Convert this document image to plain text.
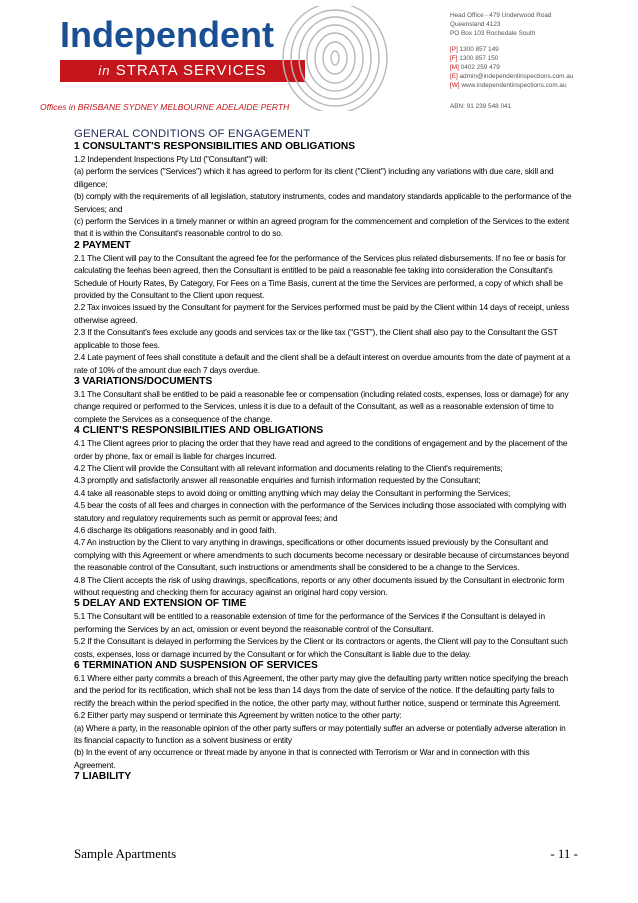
Independent
in STRATA SERVICES
Offices in BRISBANE SYDNEY MELBOURNE ADELAIDE PERTH
Head Office - 479 Underwood Road
Queensland 4123
PO Box 103 Rochedale South
[P] 1300 857 149
[F] 1300 857 150
[M] 0402 259 479
[E] admin@independentinspections.com.au
[W] www.independentinspections.com.au
ABN: 91 239 548 041
GENERAL CONDITIONS OF ENGAGEMENT
1 CONSULTANT'S RESPONSIBILITIES AND OBLIGATIONS
1.2 Independent Inspections Pty Ltd ("Consultant") will:
(a) perform the services ("Services") which it has agreed to perform for its client ("Client") including any variations with due care, skill and diligence;
(b) comply with the requirements of all legislation, statutory instruments, codes and mandatory standards applicable to the performance of the Services; and
(c) perform the Services in a timely manner or within an agreed program for the commencement and completion of the Services to the extent that it is within the Consultant's reasonable control to do so.
2 PAYMENT
2.1 The Client will pay to the Consultant the agreed fee for the performance of the Services plus related disbursements. If no fee or basis for calculating the feehas been agreed, then the Consultant is entitled to be paid a reasonable fee taking into consideration the Consultant's Schedule of Hourly Rates, By Category, For Fees on a Time Basis, current at the time the Services are performed, a copy of which shall be provided by the Consultant to the Client upon request.
2.2 Tax invoices issued by the Consultant for payment for the Services performed must be paid by the Client within 14 days of receipt, unless otherwise agreed.
2.3 If the Consultant's fees exclude any goods and services tax or the like tax ("GST"), the Client shall also pay to the Consultant the GST applicable to those fees.
2.4 Late payment of fees shall constitute a default and the client shall be a default interest on overdue amounts from the date of payment at a rate of 10% of the amount due each 7 days overdue.
3 VARIATIONS/DOCUMENTS
3.1 The Consultant shall be entitled to be paid a reasonable fee or compensation (including related costs, expenses, loss or damage) for any change required or performed to the Services, unless it is due to a default of the Consultant, as well as a reasonable extension of time to complete the Services as a consequence of the change.
4 CLIENT'S RESPONSIBILITIES AND OBLIGATIONS
4.1 The Client agrees prior to placing the order that they have read and agreed to the conditions of engagement and by the placement of the order by phone, fax or email is liable for charges incurred.
4.2 The Client will provide the Consultant with all relevant information and documents relating to the Client's requirements;
4.3 promptly and satisfactorily answer all reasonable enquiries and furnish information requested by the Consultant;
4.4 take all reasonable steps to avoid doing or omitting anything which may delay the Consultant in performing the Services;
4.5 bear the costs of all fees and charges in connection with the performance of the Services including those associated with complying with statutory and regulatory requirements such as permit or approval fees; and
4.6 discharge its obligations reasonably and in good faith.
4.7 An instruction by the Client to vary anything in drawings, specifications or other documents issued previously by the Consultant and complying with this Agreement or where amendments to such documents become necessary or desirable because of circumstances beyond the reasonable control of the Consultant, such instructions or amendments shall be considered to be a change to the Services.
4.8 The Client accepts the risk of using drawings, specifications, reports or any other documents issued by the Consultant in electronic form without requesting and checking them for accuracy against an original hard copy version.
5 DELAY AND EXTENSION OF TIME
5.1 The Consultant will be entitled to a reasonable extension of time for the performance of the Services if the Consultant is delayed in performing the Services by an act, omission or event beyond the reasonable control of the Consultant.
5.2 If the Consultant is delayed in performing the Services by the Client or its contractors or agents, the Client will pay to the Consultant such costs, expenses, loss or damage incurred by the Consultant or for which the Consultant is liable due to the delay.
6 TERMINATION AND SUSPENSION OF SERVICES
6.1 Where either party commits a breach of this Agreement, the other party may give the defaulting party written notice specifying the breach and the period for its rectification, which shall not be less than 14 days from the date of service of the notice. If the defaulting party fails to rectify the breach within the period specified in the notice, the other party may, without further notice, suspend or terminate this Agreement.
6.2 Either party may suspend or terminate this Agreement by written notice to the other party:
(a) Where a party, in the reasonable opinion of the other party suffers or may potentially suffer an adverse or potentially adverse alteration in its financial capacity to function as a solvent business or entity
(b) In the event of any occurrence or threat made by anyone in that is connected with Terrorism or War and in connection with this Agreement.
7 LIABILITY
Sample Apartments	- 11 -
